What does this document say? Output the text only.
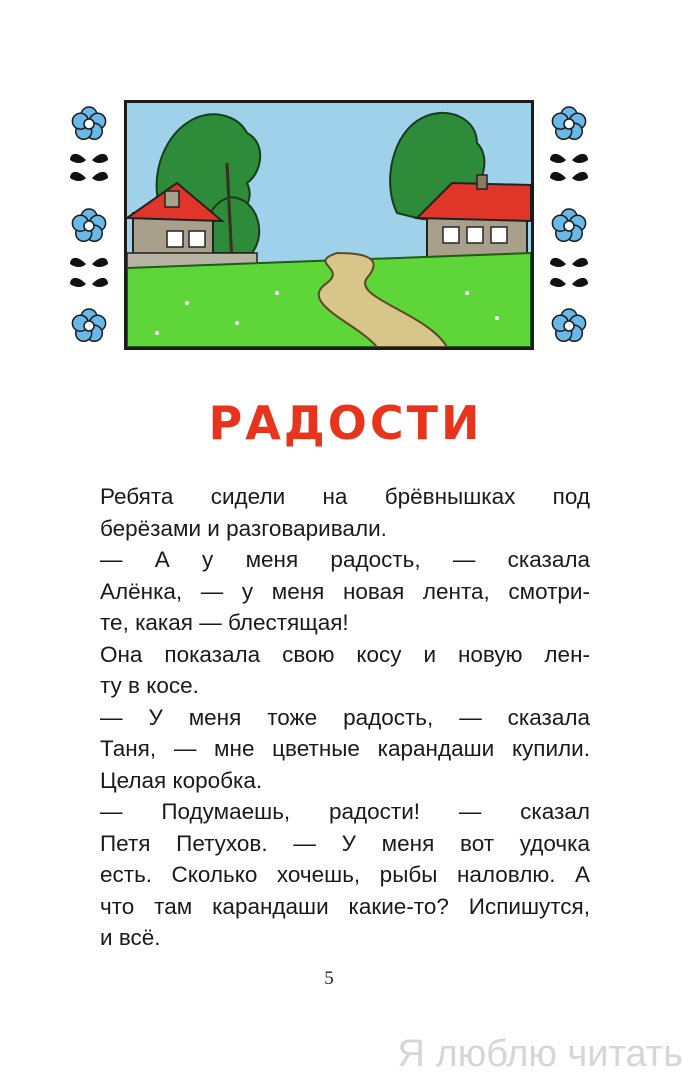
РАДОСТИ
Ребята сидели на брёвнышках под
берёзами и разговаривали.
— А у меня радость, — сказала
Алёнка, — у меня новая лента, смотри-
те, какая — блестящая!
Она показала свою косу и новую лен-
ту в косе.
— У меня тоже радость, — сказала
Таня, — мне цветные карандаши купили.
Целая коробка.
— Подумаешь, радости! — сказал
Петя Петухов. — У меня вот удочка
есть. Сколько хочешь, рыбы наловлю. А
что там карандаши какие-то? Испишутся,
и всё.
5
Я люблю читать
